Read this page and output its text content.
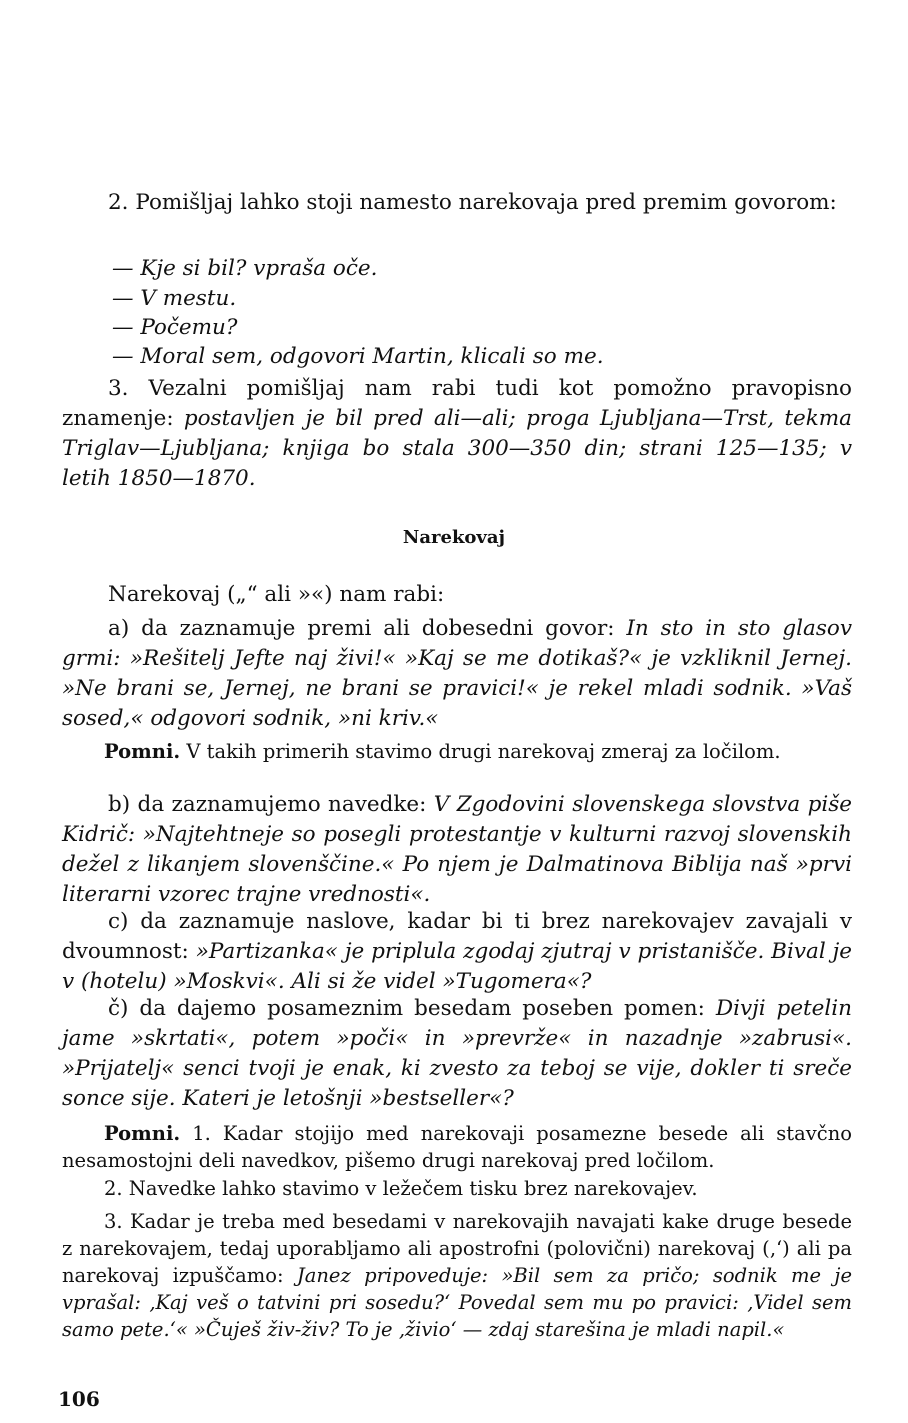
2. Pomišljaj lahko stoji namesto narekovaja pred premim govorom:

— Kje si bil? vpraša oče.

— V mestu.

— Počemu?

— Moral sem, odgovori Martin, klicali so me.

3. Vezalni pomišljaj nam rabi tudi kot pomožno pravopisno znamenje: postavljen je bil pred ali—ali; proga Ljubljana—Trst, tekma Triglav—Ljubljana; knjiga bo stala 300—350 din; strani 125—135; v letih 1850—1870.

Narekovaj

Narekovaj („“ ali »«) nam rabi:

a) da zaznamuje premi ali dobesedni govor: In sto in sto glasov grmi: »Rešitelj Jefte naj živi!« »Kaj se me dotikaš?« je vzkliknil Jernej. »Ne brani se, Jernej, ne brani se pravici!« je rekel mladi sodnik. »Vaš sosed,« odgovori sodnik, »ni kriv.«

Pomni. V takih primerih stavimo drugi narekovaj zmeraj za ločilom.

b) da zaznamujemo navedke: V Zgodovini slovenskega slovstva piše Kidrič: »Najtehtneje so posegli protestantje v kulturni razvoj slovenskih dežel z likanjem slovenščine.« Po njem je Dalmatinova Biblija naš »prvi literarni vzorec trajne vrednosti«.

c) da zaznamuje naslove, kadar bi ti brez narekovajev zavajali v dvoumnost: »Partizanka« je priplula zgodaj zjutraj v pristanišče. Bival je v (hotelu) »Moskvi«. Ali si že videl »Tugomera«?

č) da dajemo posameznim besedam poseben pomen: Divji petelin jame »skrtati«, potem »poči« in »prevrže« in nazadnje »zabrusi«. »Prijatelj« senci tvoji je enak, ki zvesto za teboj se vije, dokler ti sreče sonce sije. Kateri je letošnji »bestseller«?

Pomni. 1. Kadar stojijo med narekovaji posamezne besede ali stavčno nesamostojni deli navedkov, pišemo drugi narekovaj pred ločilom.

2. Navedke lahko stavimo v ležečem tisku brez narekovajev.

3. Kadar je treba med besedami v narekovajih navajati kake druge besede z narekovajem, tedaj uporabljamo ali apostrofni (polovični) narekovaj (‚‘) ali pa narekovaj izpuščamo: Janez pripoveduje: »Bil sem za pričo; sodnik me je vprašal: ‚Kaj veš o tatvini pri sosedu?‘ Povedal sem mu po pravici: ‚Videl sem samo pete.‘« »Čuješ živ-živ? To je ‚živio‘ — zdaj starešina je mladi napil.«

106
